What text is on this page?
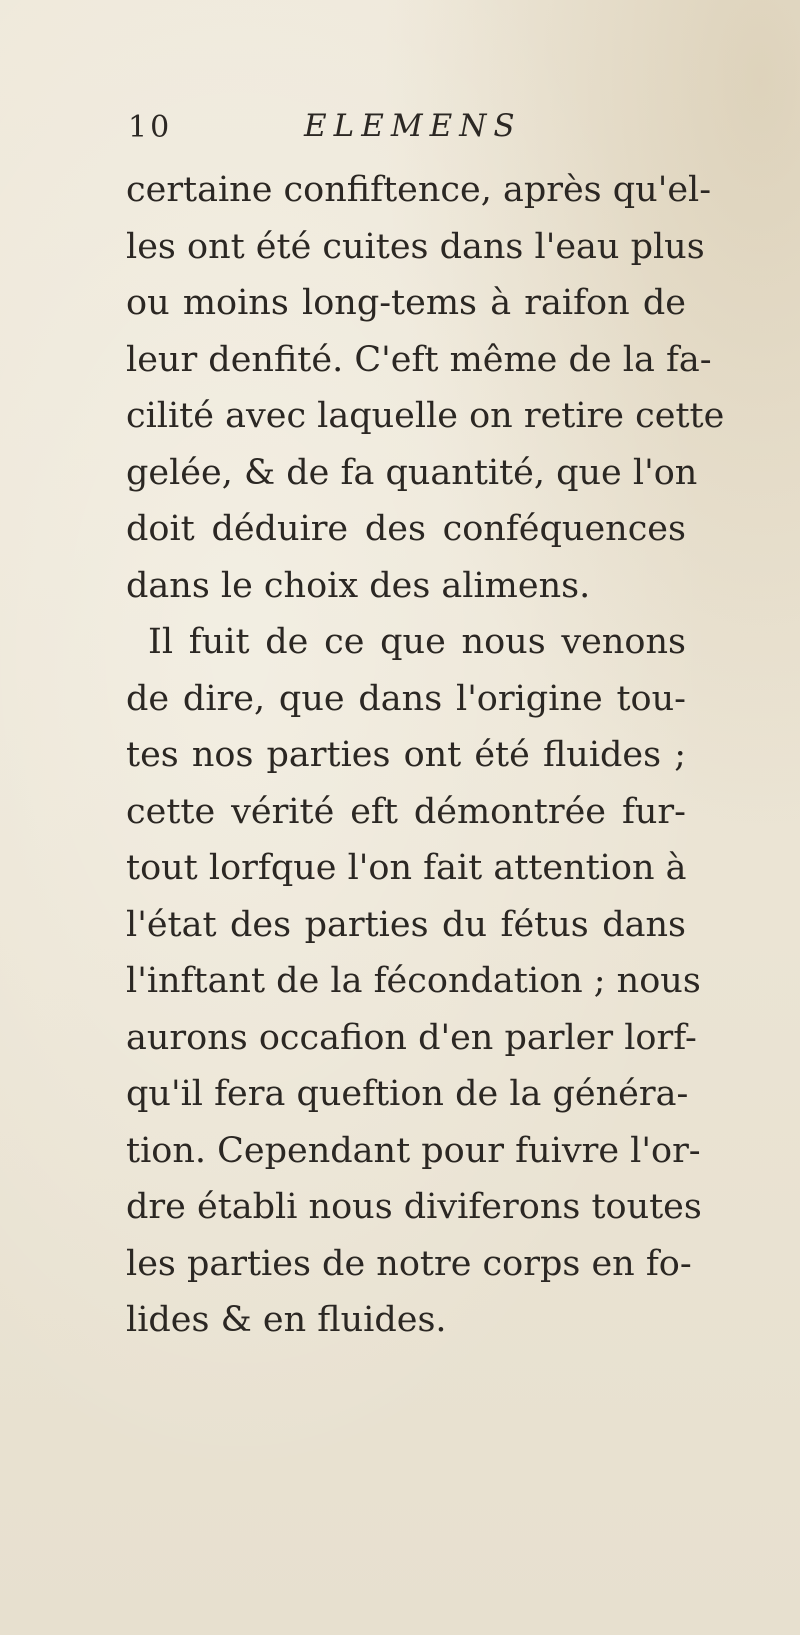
10	ELEMENS
certaine confiftence, après qu'el-
les ont été cuites dans l'eau plus
ou moins long-tems à raifon de
leur denfité. C'eft même de la fa-
cilité avec laquelle on retire cette
gelée, & de fa quantité, que l'on
doit déduire des conféquences
dans le choix des alimens.
Il fuit de ce que nous venons
de dire, que dans l'origine tou-
tes nos parties ont été fluides ;
cette vérité eft démontrée fur-
tout lorfque l'on fait attention à
l'état des parties du fétus dans
l'inftant de la fécondation ; nous
aurons occafion d'en parler lorf-
qu'il fera queftion de la généra-
tion. Cependant pour fuivre l'or-
dre établi nous diviferons toutes
les parties de notre corps en fo-
lides & en fluides.
